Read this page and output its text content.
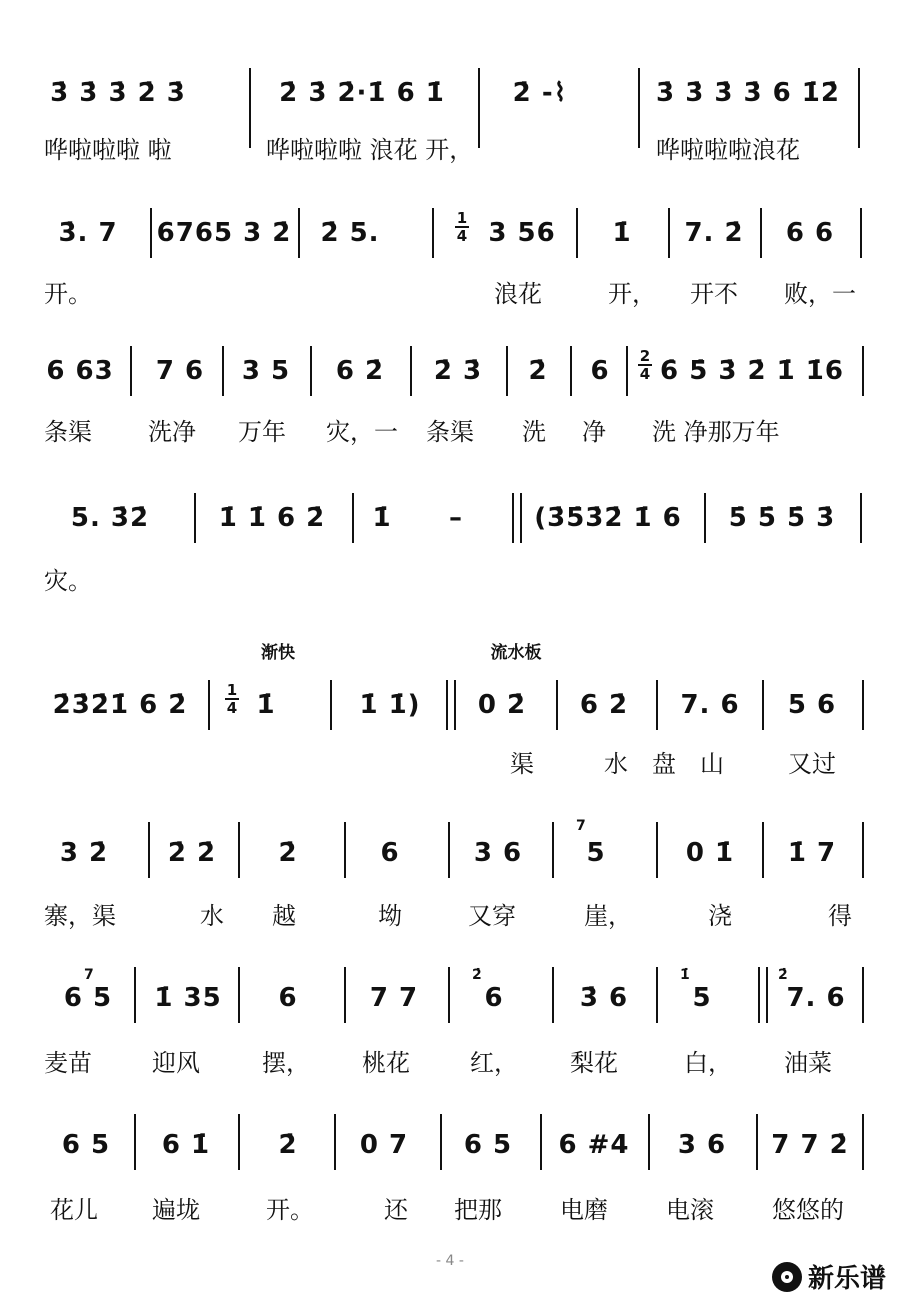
3̇ 3̇ 3̇ 2̇ 3̇	2̇ 3̇ 2̇·1̇ 6 1̇	2̇ -⌇	3̇ 3̇ 3̇ 3̇ 6 1̇2̇
哗啦啦啦 啦	哗啦啦啦 浪花 开，	哗啦啦啦浪花
3̇. 7 6765 3 2̇ 2̇ 5.	1
4 3 56 1̇ 7. 2̇ 6 6
开。	浪花	开， 开不 败，一
6 63 7 6 3 5 6 2̇ 2̇ 3̇ 2̇ 6 2
4 6̇ 5̇ 3̇ 2̇ 1̇ 1̇6
条渠 洗净 万年 灾，一 条渠 洗 净 洗 净那万年
5. 3̇2̇	1̇ 1̇ 6 2̇ 1̇ –	(3̇5̇3̇2̇ 1̇ 6 5̇ 5̇ 5̇ 3̇
灾。
渐快	流水板
2̇3̇2̇1̇ 6 2̇	1
4 1̇	1̇ 1̇) 0 2̇ 6 2̇ 7. 6 5 6
渠	水 盘 山	又过
3 2̇ 2̇ 2̇ 2̇	6	3 6
7
5	0 1̇ 1̇ 7
寨，渠	水 越	坳	又穿	崖，	浇	得
7
6 5 1̇ 35 6	7 7
2̇
6	3̇ 6
1̇
5
2̇
7. 6
麦苗	迎风	摆， 桃花	红， 梨花	白， 油菜
6 5 6 1̇	2̇ 0 7 6 5 6 #4 3 6 7 7 2̇
花儿 遍垅	开。	还 把那 电磨 电滚 悠悠的
- 4 -
新乐谱
